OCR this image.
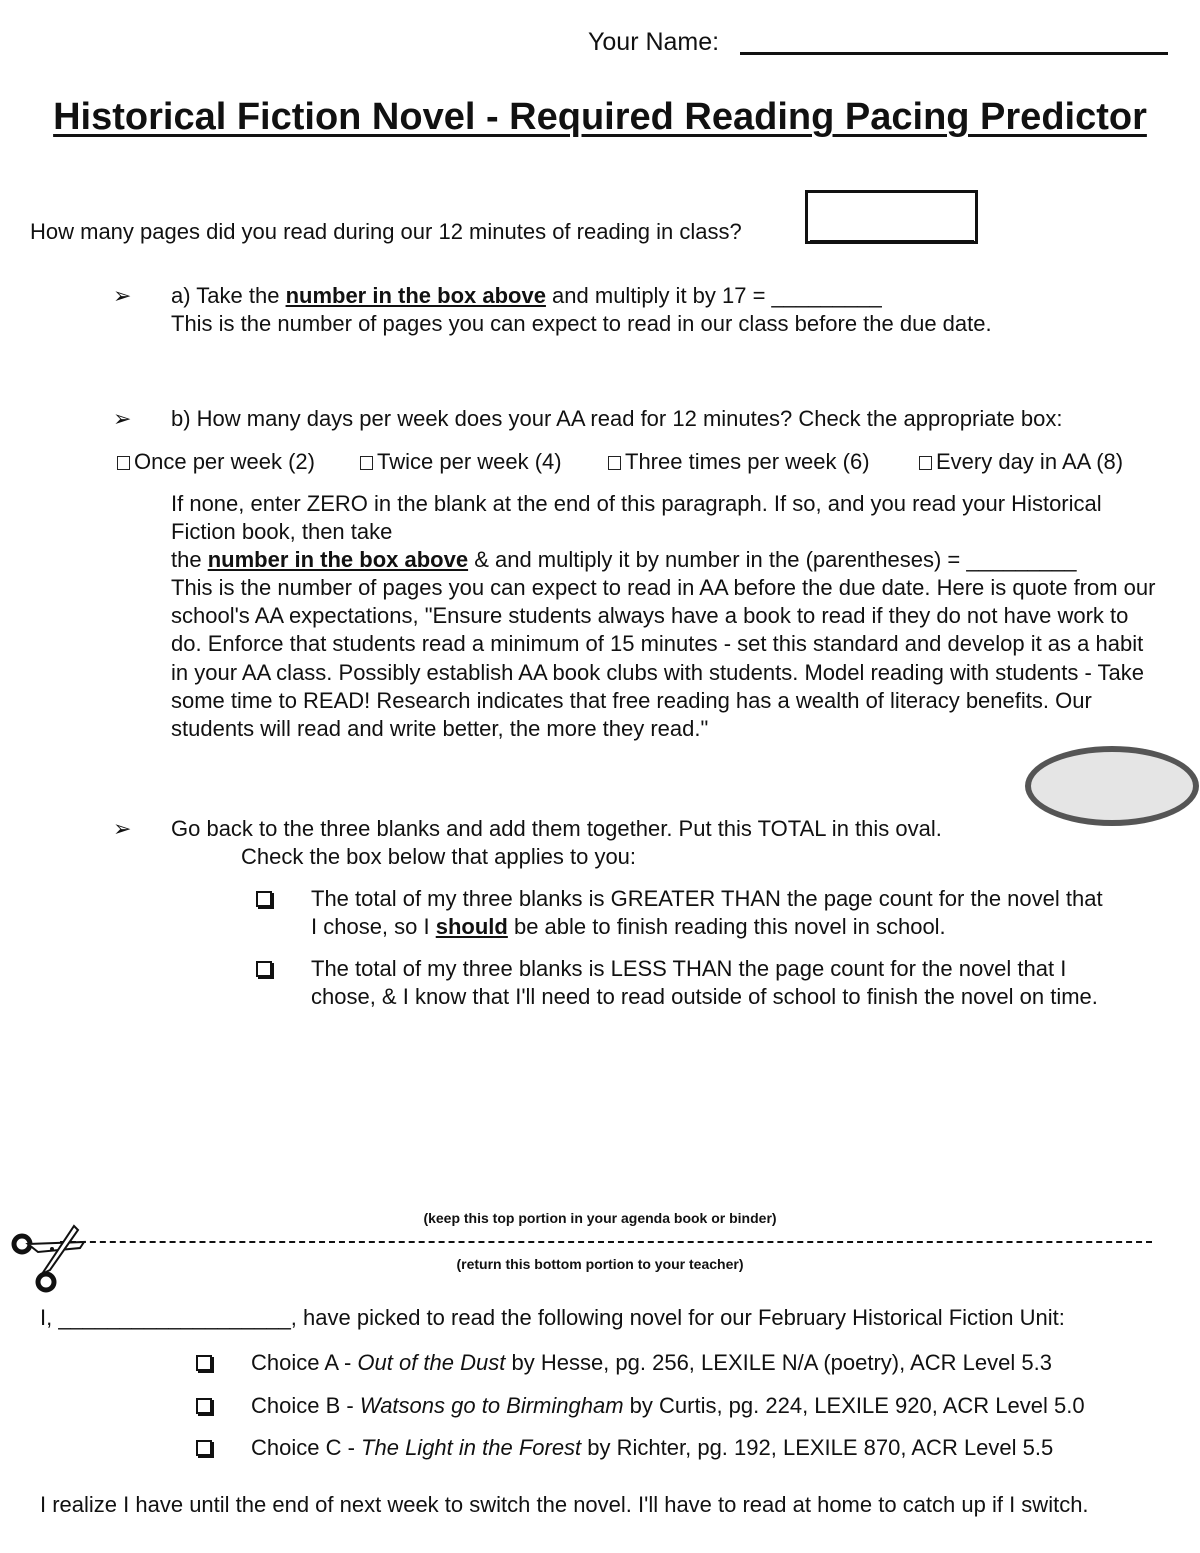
Your Name:
Historical Fiction Novel - Required Reading Pacing Predictor
How many pages did you read during our 12 minutes of reading in class?
➢ a) Take the number in the box above and multiply it by 17 = _________
This is the number of pages you can expect to read in our class before the due date.
➢ b) How many days per week does your AA read for 12 minutes? Check the appropriate box:
Once per week (2)	Twice per week (4)	Three times per week (6)	Every day in AA (8)
If none, enter ZERO in the blank at the end of this paragraph. If so, and you read your Historical
Fiction book, then take
the number in the box above & and multiply it by number in the (parentheses) = _________
This is the number of pages you can expect to read in AA before the due date. Here is quote from our school's AA expectations, "Ensure students always have a book to read if they do not have work to do. Enforce that students read a minimum of 15 minutes - set this standard and develop it as a habit in your AA class. Possibly establish AA book clubs with students. Model reading with students - Take some time to READ! Research indicates that free reading has a wealth of literacy benefits. Our students will read and write better, the more they read."
➢ Go back to the three blanks and add them together. Put this TOTAL in this oval.
Check the box below that applies to you:
The total of my three blanks is GREATER THAN the page count for the novel that
I chose, so I should be able to finish reading this novel in school.
The total of my three blanks is LESS THAN the page count for the novel that I
chose, & I know that I'll need to read outside of school to finish the novel on time.
(keep this top portion in your agenda book or binder)
(return this bottom portion to your teacher)
I, ___________________, have picked to read the following novel for our February Historical Fiction Unit:
Choice A - Out of the Dust by Hesse, pg. 256, LEXILE N/A (poetry), ACR Level 5.3
Choice B - Watsons go to Birmingham by Curtis, pg. 224, LEXILE 920, ACR Level 5.0
Choice C - The Light in the Forest by Richter, pg. 192, LEXILE 870, ACR Level 5.5
I realize I have until the end of next week to switch the novel. I'll have to read at home to catch up if I switch.
